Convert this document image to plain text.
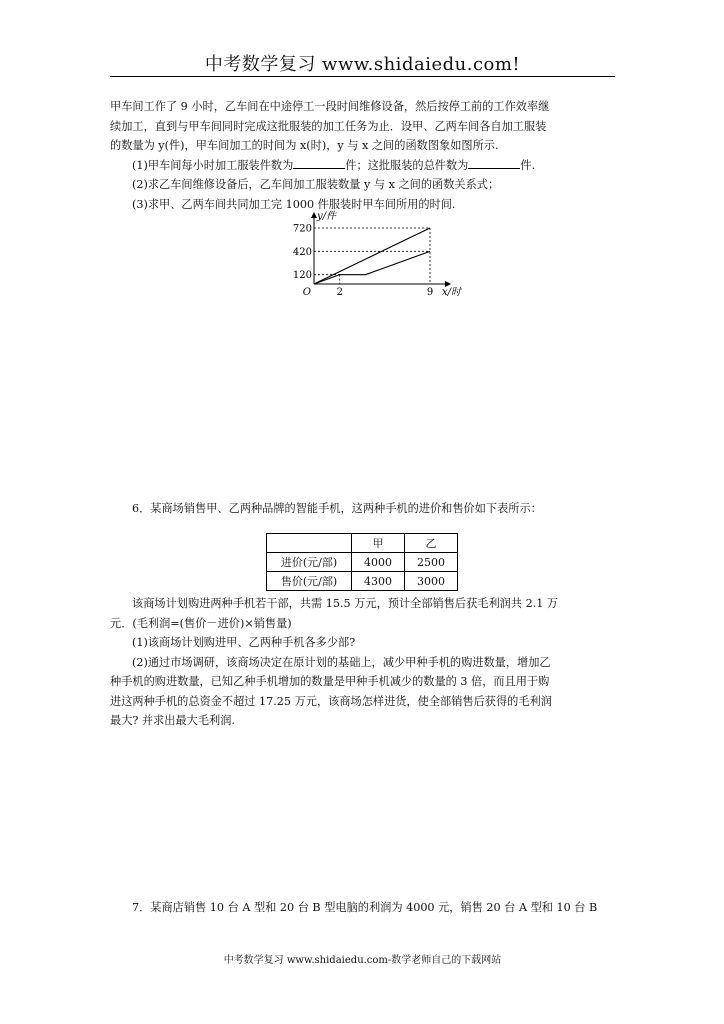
中考数学复习 www.shidaiedu.com!
甲车间工作了 9 小时，乙车间在中途停工一段时间维修设备，然后按停工前的工作效率继
续加工，直到与甲车间同时完成这批服装的加工任务为止．设甲、乙两车间各自加工服装
的数量为 y(件)，甲车间加工的时间为 x(时)，y 与 x 之间的函数图象如图所示.
(1)甲车间每小时加工服装件数为	件；这批服装的总件数为	件.
(2)求乙车间维修设备后，乙车间加工服装数量 y 与 x 之间的函数关系式；
(3)求甲、乙两车间共同加工完 1000 件服装时甲车间所用的时间.
120
420
720
2	9
O
y/件
x/时
6．某商场销售甲、乙两种品牌的智能手机，这两种手机的进价和售价如下表所示：
	甲	乙
进价(元/部)	4000	2500
售价(元/部)	4300	3000
该商场计划购进两种手机若干部，共需 15.5 万元，预计全部销售后获毛利润共 2.1 万
元．(毛利润=(售价－进价)×销售量)
(1)该商场计划购进甲、乙两种手机各多少部?
(2)通过市场调研，该商场决定在原计划的基础上，减少甲种手机的购进数量，增加乙
种手机的购进数量，已知乙种手机增加的数量是甲种手机减少的数量的 3 倍，而且用于购
进这两种手机的总资金不超过 17.25 万元，该商场怎样进货，使全部销售后获得的毛利润
最大? 并求出最大毛利润.
7．某商店销售 10 台 A 型和 20 台 B 型电脑的利润为 4000 元，销售 20 台 A 型和 10 台 B
中考数学复习 www.shidaiedu.com-数学老师自己的下载网站
